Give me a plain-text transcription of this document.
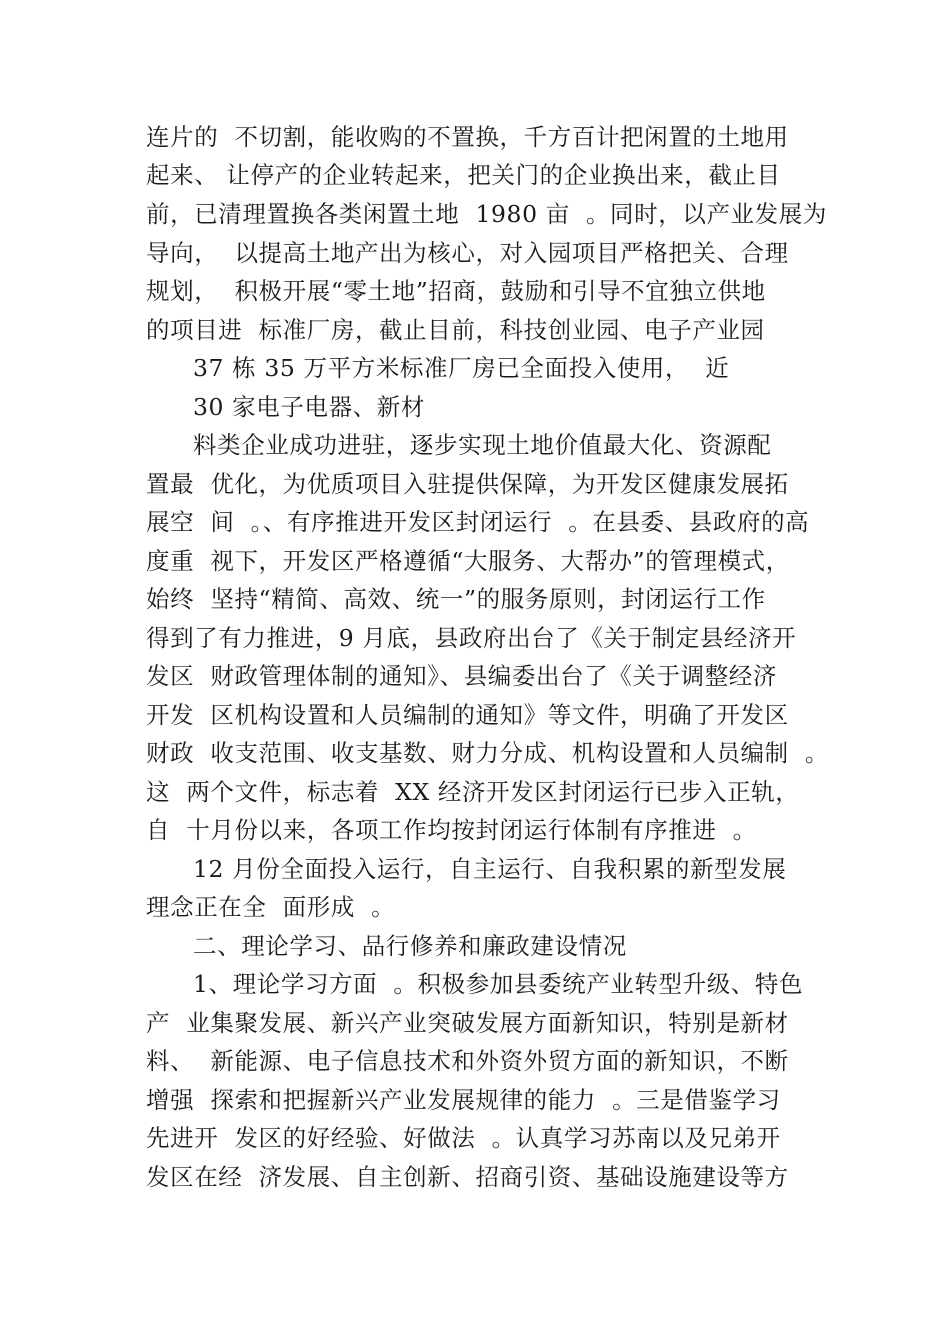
连片的  不切割，能收购的不置换，千方百计把闲置的土地用
起来、 让停产的企业转起来，把关门的企业换出来，截止目
前，已清理置换各类闲置土地  1980 亩  。同时，以产业发展为
导向，  以提高土地产出为核心，对入园项目严格把关、合理
规划，  积极开展“零土地”招商，鼓励和引导不宜独立供地
的项目进  标准厂房，截止目前，科技创业园、电子产业园
37 栋 35 万平方米标准厂房已全面投入使用，  近
30 家电子电器、新材
料类企业成功进驻，逐步实现土地价值最大化、资源配
置最  优化，为优质项目入驻提供保障，为开发区健康发展拓
展空  间  。、有序推进开发区封闭运行  。在县委、县政府的高
度重  视下，开发区严格遵循“大服务、大帮办”的管理模式，
始终  坚持“精简、高效、统一”的服务原则，封闭运行工作
得到了有力推进，9 月底，县政府出台了《关于制定县经济开
发区  财政管理体制的通知》、县编委出台了《关于调整经济
开发  区机构设置和人员编制的通知》等文件，明确了开发区
财政  收支范围、收支基数、财力分成、机构设置和人员编制  。
这  两个文件，标志着  XX 经济开发区封闭运行已步入正轨，
自  十月份以来，各项工作均按封闭运行体制有序推进  。
12 月份全面投入运行，自主运行、自我积累的新型发展
理念正在全  面形成  。
二、理论学习、品行修养和廉政建设情况
1、理论学习方面  。积极参加县委统产业转型升级、特色
产  业集聚发展、新兴产业突破发展方面新知识，特别是新材
料、  新能源、电子信息技术和外资外贸方面的新知识，不断
增强  探索和把握新兴产业发展规律的能力  。三是借鉴学习
先进开  发区的好经验、好做法  。认真学习苏南以及兄弟开
发区在经  济发展、自主创新、招商引资、基础设施建设等方
